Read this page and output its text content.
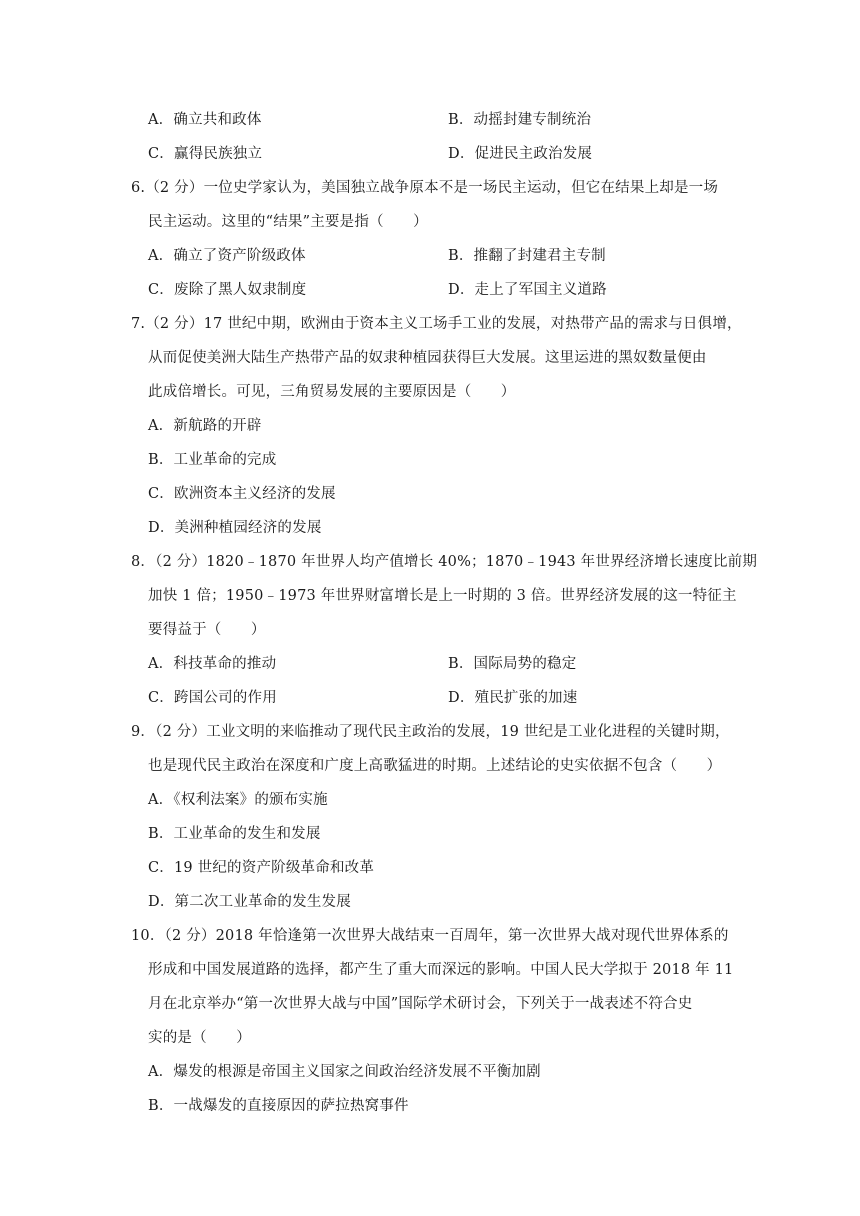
A．确立共和政体	B．动摇封建专制统治
C．赢得民族独立	D．促进民主政治发展
6.（2 分）一位史学家认为，美国独立战争原本不是一场民主运动，但它在结果上却是一场
民主运动。这里的“结果”主要是指（　　）
A．确立了资产阶级政体	B．推翻了封建君主专制
C．废除了黑人奴隶制度	D．走上了军国主义道路
7.（2 分）17 世纪中期，欧洲由于资本主义工场手工业的发展，对热带产品的需求与日俱增，
从而促使美洲大陆生产热带产品的奴隶种植园获得巨大发展。这里运进的黑奴数量便由
此成倍增长。可见，三角贸易发展的主要原因是（　　）
A．新航路的开辟
B．工业革命的完成
C．欧洲资本主义经济的发展
D．美洲种植园经济的发展
8．（2 分）1820﹣1870 年世界人均产值增长 40%；1870﹣1943 年世界经济增长速度比前期
加快 1 倍；1950﹣1973 年世界财富增长是上一时期的 3 倍。世界经济发展的这一特征主
要得益于（　　）
A．科技革命的推动	B．国际局势的稳定
C．跨国公司的作用	D．殖民扩张的加速
9．（2 分）工业文明的来临推动了现代民主政治的发展，19 世纪是工业化进程的关键时期，
也是现代民主政治在深度和广度上高歌猛进的时期。上述结论的史实依据不包含（　　）
A．《权利法案》的颁布实施
B．工业革命的发生和发展
C．19 世纪的资产阶级革命和改革
D．第二次工业革命的发生发展
10．（2 分）2018 年恰逢第一次世界大战结束一百周年，第一次世界大战对现代世界体系的
形成和中国发展道路的选择，都产生了重大而深远的影响。中国人民大学拟于 2018 年 11
月在北京举办“第一次世界大战与中国”国际学术研讨会，下列关于一战表述不符合史
实的是（　　）
A．爆发的根源是帝国主义国家之间政治经济发展不平衡加剧
B．一战爆发的直接原因的萨拉热窝事件
